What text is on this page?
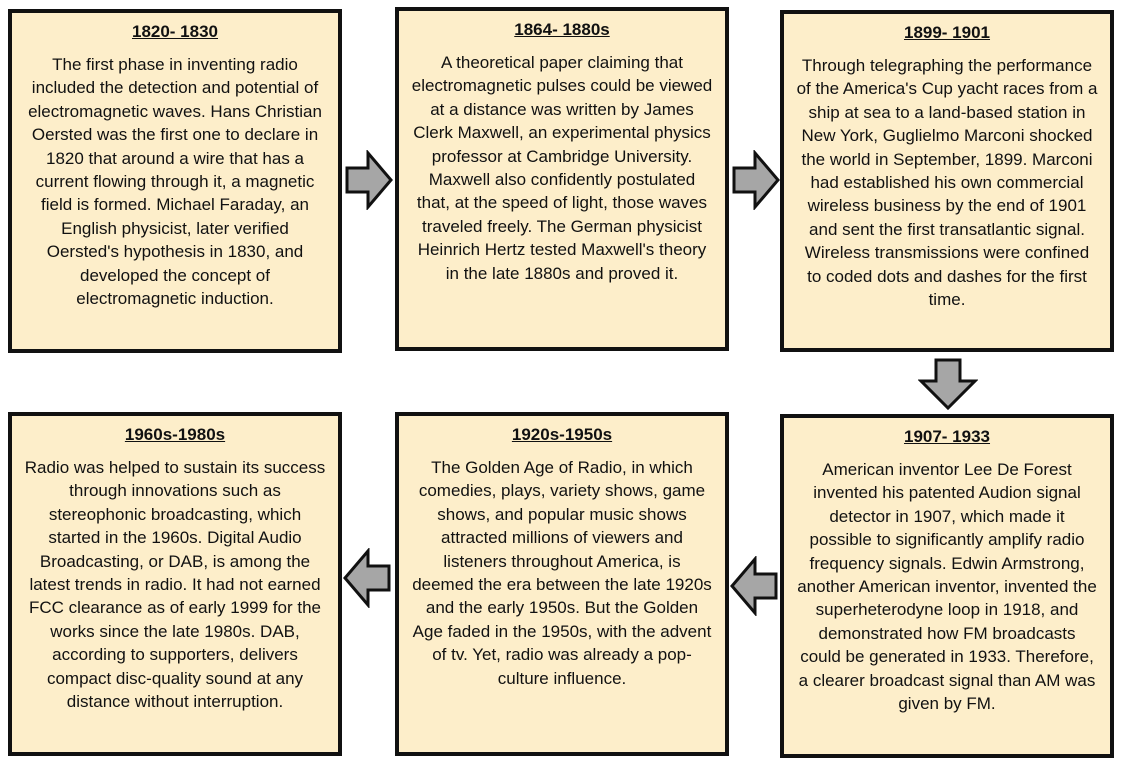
1820- 1830

The first phase in inventing radio included the detection and potential of electromagnetic waves. Hans Christian Oersted was the first one to declare in 1820 that around a wire that has a current flowing through it, a magnetic field is formed. Michael Faraday, an English physicist, later verified Oersted's hypothesis in 1830, and developed the concept of electromagnetic induction.

1864- 1880s

A theoretical paper claiming that electromagnetic pulses could be viewed at a distance was written by James Clerk Maxwell, an experimental physics professor at Cambridge University. Maxwell also confidently postulated that, at the speed of light, those waves traveled freely. The German physicist Heinrich Hertz tested Maxwell's theory in the late 1880s and proved it.

1899- 1901

Through telegraphing the performance of the America's Cup yacht races from a ship at sea to a land-based station in New York, Guglielmo Marconi shocked the world in September, 1899. Marconi had established his own commercial wireless business by the end of 1901 and sent the first transatlantic signal. Wireless transmissions were confined to coded dots and dashes for the first time.

1907- 1933

American inventor Lee De Forest invented his patented Audion signal detector in 1907, which made it possible to significantly amplify radio frequency signals. Edwin Armstrong, another American inventor, invented the superheterodyne loop in 1918, and demonstrated how FM broadcasts could be generated in 1933. Therefore, a clearer broadcast signal than AM was given by FM.

1920s-1950s

The Golden Age of Radio, in which comedies, plays, variety shows, game shows, and popular music shows attracted millions of viewers and listeners throughout America, is deemed the era between the late 1920s and the early 1950s. But the Golden Age faded in the 1950s, with the advent of tv. Yet, radio was already a pop-culture influence.

1960s-1980s

Radio was helped to sustain its success through innovations such as stereophonic broadcasting, which started in the 1960s. Digital Audio Broadcasting, or DAB, is among the latest trends in radio. It had not earned FCC clearance as of early 1999 for the works since the late 1980s. DAB, according to supporters, delivers compact disc-quality sound at any distance without interruption.
